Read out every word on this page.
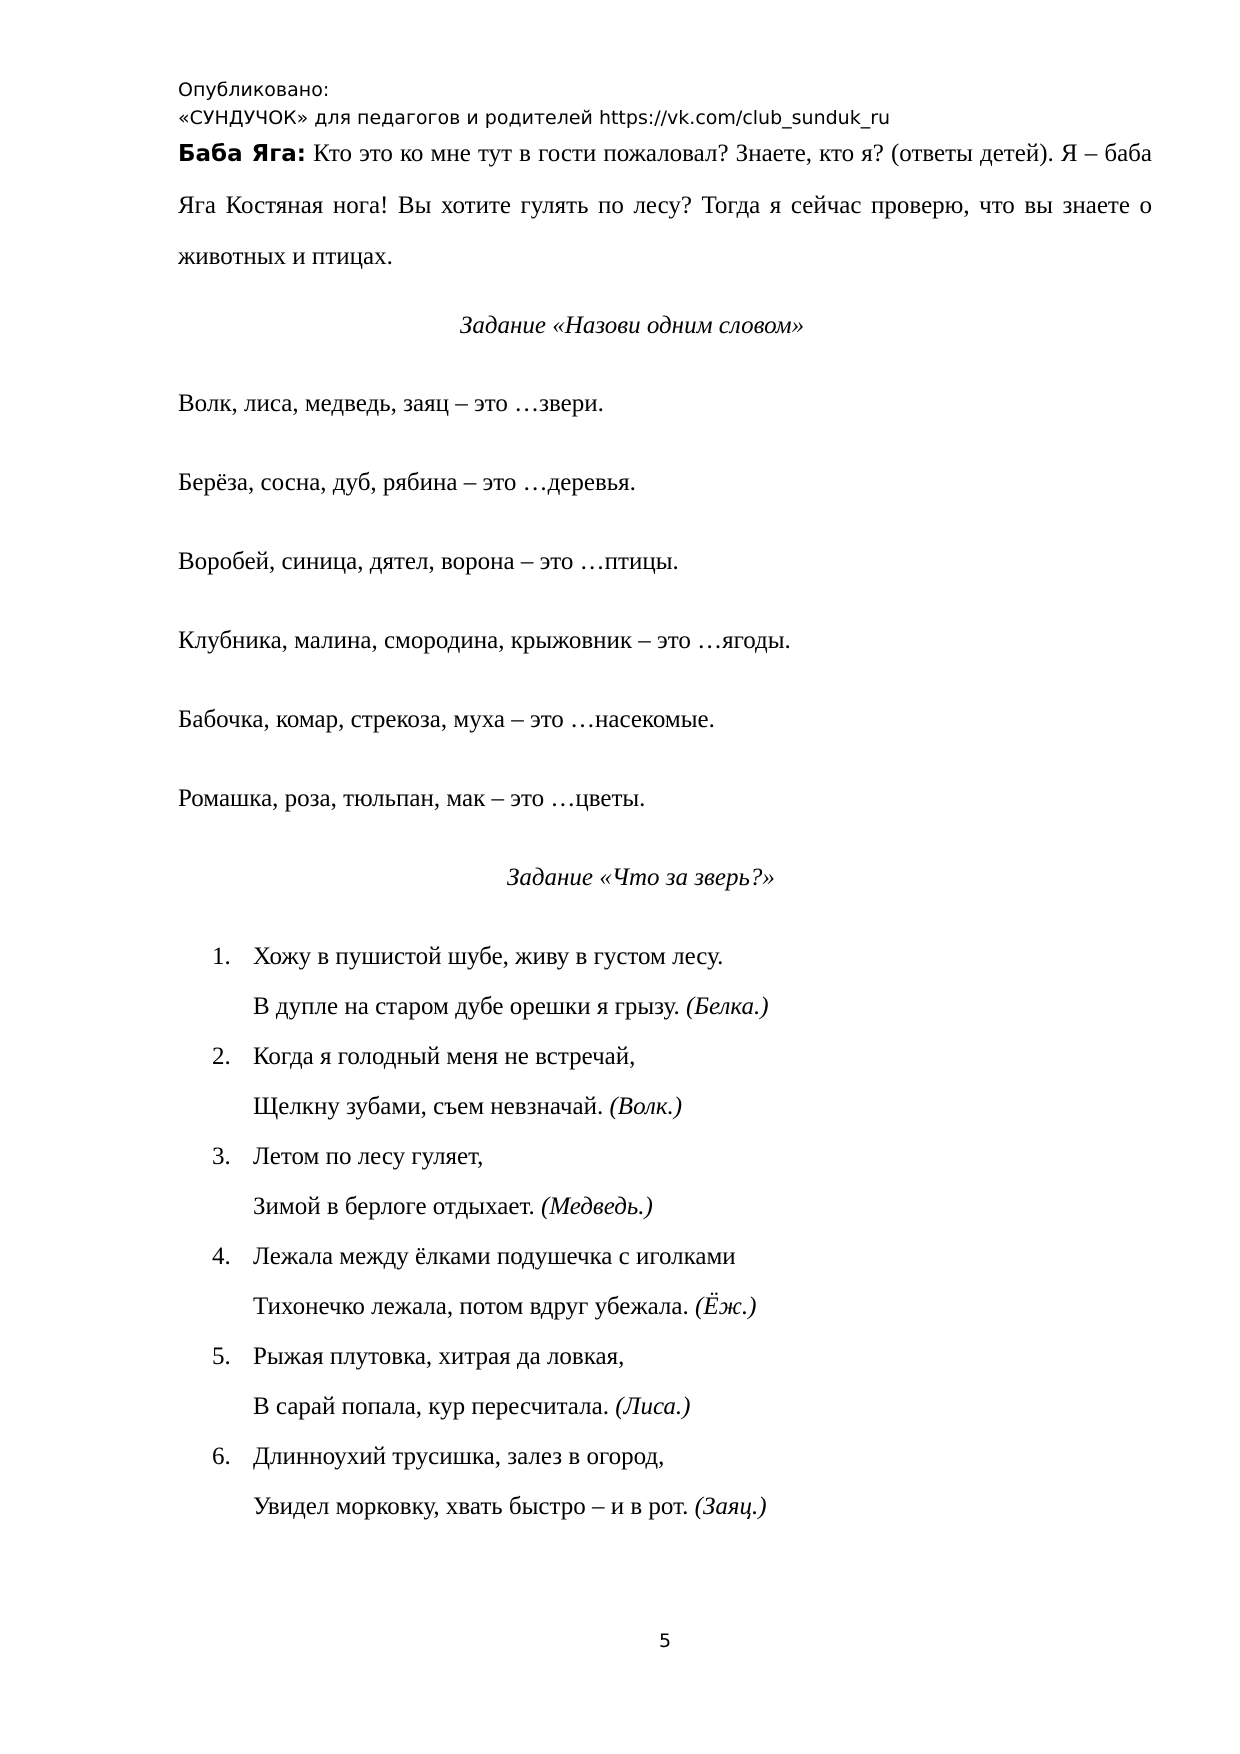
Опубликовано:
«СУНДУЧОК» для педагогов и родителей https://vk.com/club_sunduk_ru
Баба Яга: Кто это ко мне тут в гости пожаловал? Знаете, кто я? (ответы детей). Я – баба Яга Костяная нога! Вы хотите гулять по лесу? Тогда я сейчас проверю, что вы знаете о животных и птицах.
Задание «Назови одним словом»
Волк, лиса, медведь, заяц – это …звери.
Берёза, сосна, дуб, рябина – это …деревья.
Воробей, синица, дятел, ворона – это …птицы.
Клубника, малина, смородина, крыжовник – это …ягоды.
Бабочка, комар, стрекоза, муха – это …насекомые.
Ромашка, роза, тюльпан, мак – это …цветы.
Задание «Что за зверь?»
1. Хожу в пушистой шубе, живу в густом лесу.
В дупле на старом дубе орешки я грызу. (Белка.)
2. Когда я голодный меня не встречай,
Щелкну зубами, съем невзначай. (Волк.)
3. Летом по лесу гуляет,
Зимой в берлоге отдыхает. (Медведь.)
4. Лежала между ёлками подушечка с иголками
Тихонечко лежала, потом вдруг убежала. (Ёж.)
5. Рыжая плутовка, хитрая да ловкая,
В сарай попала, кур пересчитала. (Лиса.)
6. Длинноухий трусишка, залез в огород,
Увидел морковку, хвать быстро – и в рот. (Заяц.)
5
